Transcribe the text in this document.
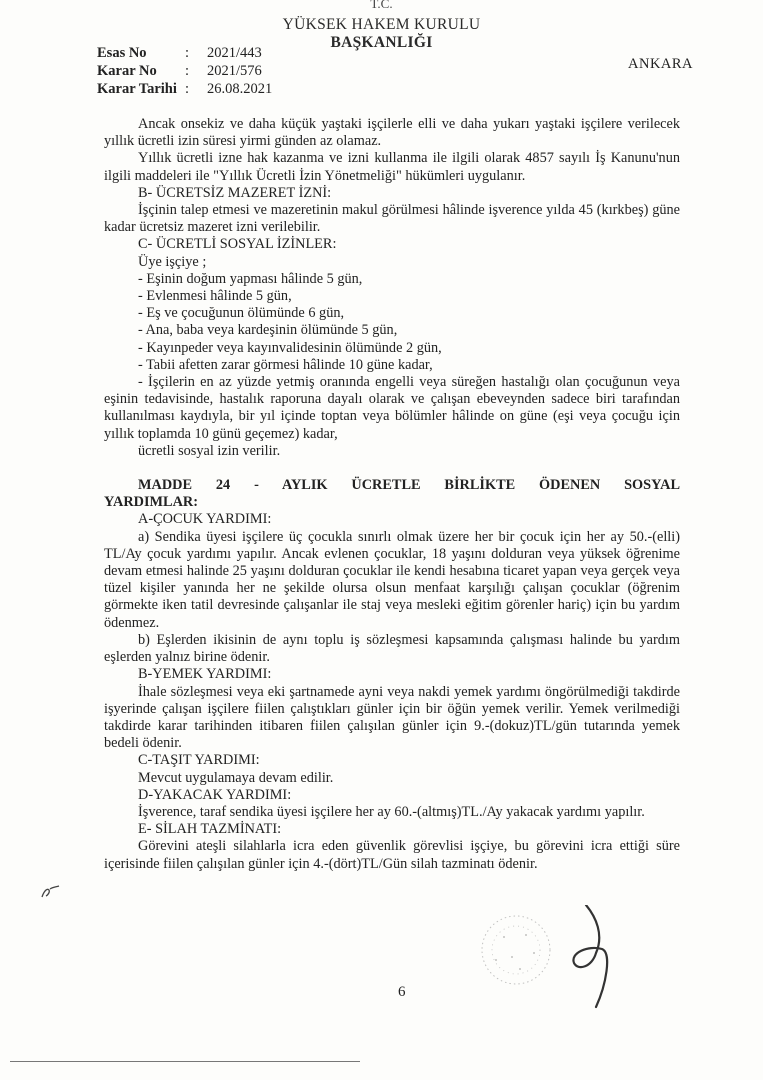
T.C.
YÜKSEK HAKEM KURULU
BAŞKANLIĞI
Esas No	:	2021/443
Karar No	:	2021/576
Karar Tarihi :	26.08.2021
ANKARA

Ancak onsekiz ve daha küçük yaştaki işçilerle elli ve daha yukarı yaştaki işçilere verilecek yıllık ücretli izin süresi yirmi günden az olamaz.

Yıllık ücretli izne hak kazanma ve izni kullanma ile ilgili olarak 4857 sayılı İş Kanunu'nun ilgili maddeleri ile "Yıllık Ücretli İzin Yönetmeliği" hükümleri uygulanır.

B- ÜCRETSİZ MAZERET İZNİ:

İşçinin talep etmesi ve mazeretinin makul görülmesi hâlinde işverence yılda 45 (kırkbeş) güne kadar ücretsiz mazeret izni verilebilir.

C- ÜCRETLİ SOSYAL İZİNLER:

Üye işçiye ;

- Eşinin doğum yapması hâlinde 5 gün,

- Evlenmesi hâlinde 5 gün,

- Eş ve çocuğunun ölümünde 6 gün,

- Ana, baba veya kardeşinin ölümünde 5 gün,

- Kayınpeder veya kayınvalidesinin ölümünde 2 gün,

- Tabii afetten zarar görmesi hâlinde 10 güne kadar,

- İşçilerin en az yüzde yetmiş oranında engelli veya süreğen hastalığı olan çocuğunun veya eşinin tedavisinde, hastalık raporuna dayalı olarak ve çalışan ebeveynden sadece biri tarafından kullanılması kaydıyla, bir yıl içinde toptan veya bölümler hâlinde on güne (eşi veya çocuğu için yıllık toplamda 10 günü geçemez) kadar,

ücretli sosyal izin verilir.

MADDE 24 - AYLIK ÜCRETLE BİRLİKTE ÖDENEN SOSYAL

YARDIMLAR:

A-ÇOCUK YARDIMI:

a) Sendika üyesi işçilere üç çocukla sınırlı olmak üzere her bir çocuk için her ay 50.-(elli) TL/Ay çocuk yardımı yapılır. Ancak evlenen çocuklar, 18 yaşını dolduran veya yüksek öğrenime devam etmesi halinde 25 yaşını dolduran çocuklar ile kendi hesabına ticaret yapan veya gerçek veya tüzel kişiler yanında her ne şekilde olursa olsun menfaat karşılığı çalışan çocuklar (öğrenim görmekte iken tatil devresinde çalışanlar ile staj veya mesleki eğitim görenler hariç) için bu yardım ödenmez.

b) Eşlerden ikisinin de aynı toplu iş sözleşmesi kapsamında çalışması halinde bu yardım eşlerden yalnız birine ödenir.

B-YEMEK YARDIMI:

İhale sözleşmesi veya eki şartnamede ayni veya nakdi yemek yardımı öngörülmediği takdirde işyerinde çalışan işçilere fiilen çalıştıkları günler için bir öğün yemek verilir. Yemek verilmediği takdirde karar tarihinden itibaren fiilen çalışılan günler için 9.-(dokuz)TL/gün tutarında yemek bedeli ödenir.

C-TAŞIT YARDIMI:

Mevcut uygulamaya devam edilir.

D-YAKACAK YARDIMI:

İşverence, taraf sendika üyesi işçilere her ay 60.-(altmış)TL./Ay yakacak yardımı yapılır.

E- SİLAH TAZMİNATI:

Görevini ateşli silahlarla icra eden güvenlik görevlisi işçiye, bu görevini icra ettiği süre içerisinde fiilen çalışılan günler için 4.-(dört)TL/Gün silah tazminatı ödenir.

6
